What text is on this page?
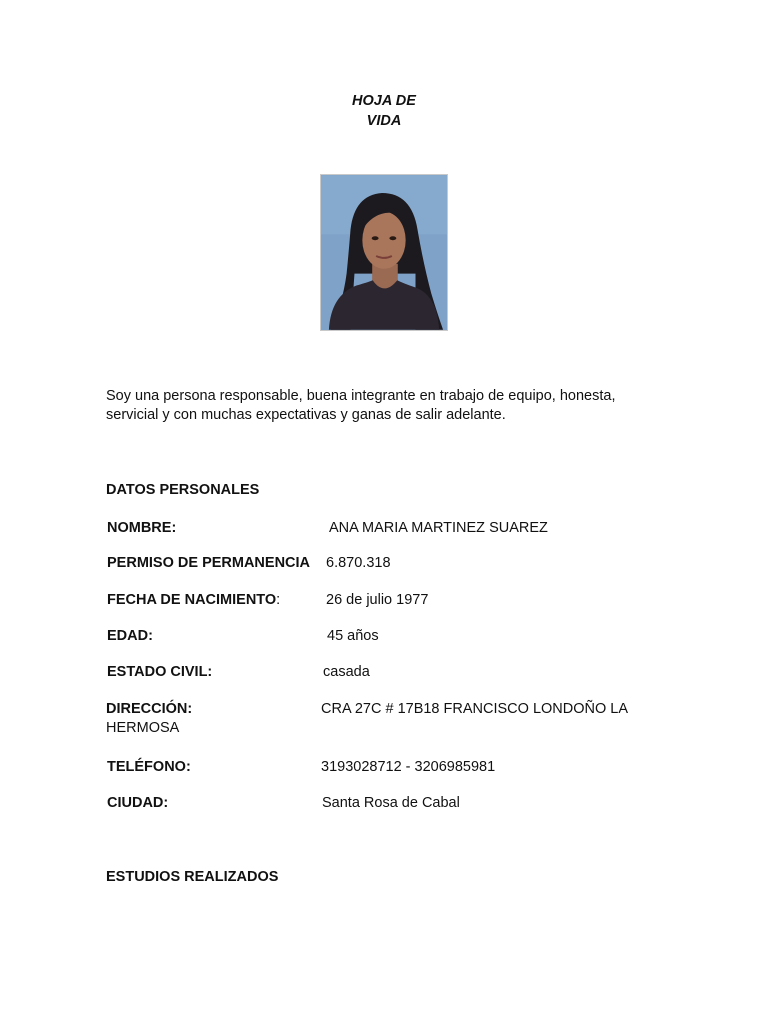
HOJA DE
VIDA
Soy una persona responsable, buena integrante en trabajo de equipo, honesta, servicial y con muchas expectativas y ganas de salir adelante.
DATOS PERSONALES
NOMBRE:	ANA MARIA MARTINEZ SUAREZ
PERMISO DE PERMANENCIA 6.870.318
FECHA DE NACIMIENTO:	26 de julio 1977
EDAD:	45 años
ESTADO CIVIL:	casada
DIRECCIÓN:	CRA 27C # 17B18 FRANCISCO LONDOÑO LA
HERMOSA
TELÉFONO:	3193028712 - 3206985981
CIUDAD:	Santa Rosa de Cabal
ESTUDIOS REALIZADOS
